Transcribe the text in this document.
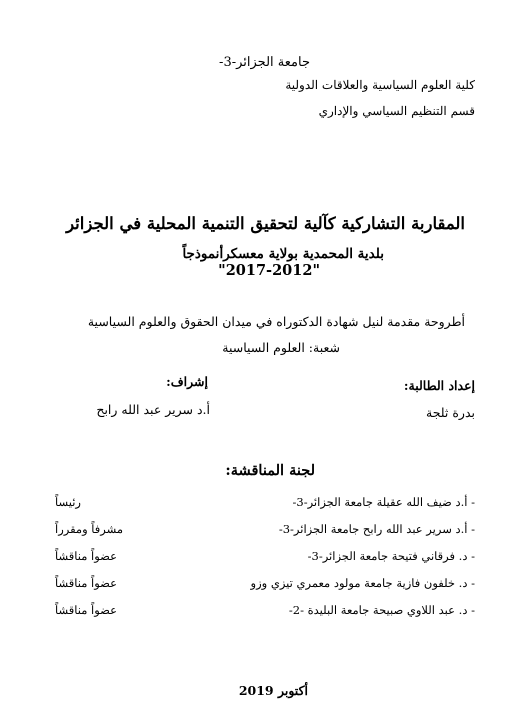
جامعة الجزائر-3-
كلية العلوم السياسية والعلاقات الدولية
قسم التنظيم السياسي والإداري
المقاربة التشاركية كآلية لتحقيق التنمية المحلية في الجزائر
بلدية المحمدية بولاية معسكرأنموذجاً
"2017-2012"
أطروحة مقدمة لنيل شهادة الدكتوراه في ميدان الحقوق والعلوم السياسية
شعبة: العلوم السياسية
إعداد الطالبة:
إشراف:
بدرة ثلجة
أ.د سرير عبد الله رابح
لجنة المناقشة:
- أ.د ضيف الله عقيلة جامعة الجزائر-3-
رئيساً
- أ.د سرير عبد الله رابح جامعة الجزائر-3-
مشرفاً ومقرراً
- د. فرقاني فتيحة جامعة الجزائر-3-
عضواً مناقشاً
- د. خلفون فازية جامعة مولود معمري تيزي وزو
عضواً مناقشاً
- د. عبد اللاوي صبيحة جامعة البليدة -2-
عضواً مناقشاً
أكتوبر 2019
